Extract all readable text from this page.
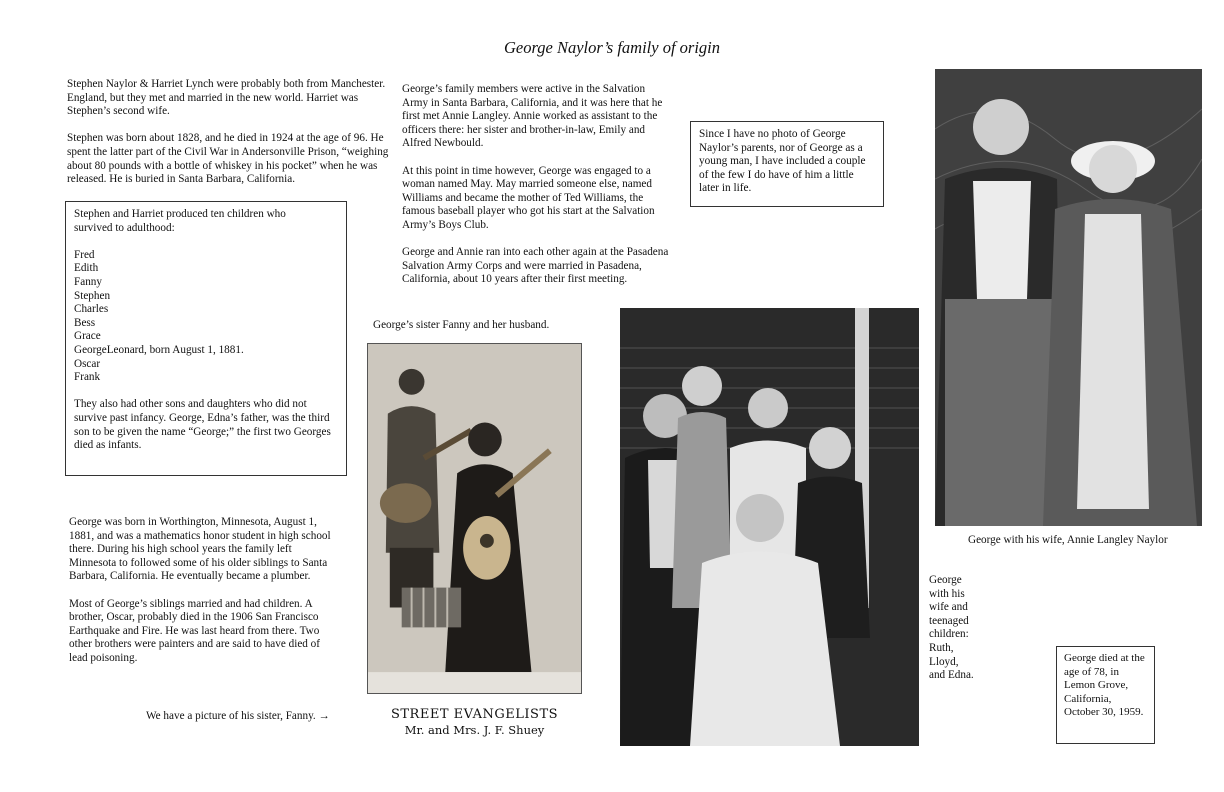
George Naylor’s family of origin

Stephen Naylor & Harriet Lynch were probably both from Manchester. England, but they met and married in the new world. Harriet was Stephen’s second wife.

Stephen was born about 1828, and he died in 1924 at the age of 96. He spent the latter part of the Civil War in Andersonville Prison, “weighing about 80 pounds with a bottle of whiskey in his pocket” when he was released. He is buried in Santa Barbara, California.

Stephen and Harriet produced ten children who survived to adulthood:

Fred
Edith
Fanny
Stephen
Charles
Bess
Grace
GeorgeLeonard, born August 1, 1881.
Oscar
Frank

They also had other sons and daughters who did not survive past infancy. George, Edna’s father, was the third son to be given the name “George;” the first two Georges died as infants.

George was born in Worthington, Minnesota, August 1, 1881, and was a mathematics honor student in high school there. During his high school years the family left Minnesota to followed some of his older siblings to Santa Barbara, California. He eventually became a plumber.

Most of George’s siblings married and had children. A brother, Oscar, probably died in the 1906 San Francisco Earthquake and Fire. He was last heard from there. Two other brothers were painters and are said to have died of lead poisoning.

We have a picture of his sister, Fanny. →

George’s family members were active in the Salvation Army in Santa Barbara, California, and it was here that he first met Annie Langley. Annie worked as assistant to the officers there: her sister and brother-in-law, Emily and Alfred Newbould.

At this point in time however, George was engaged to a woman named May. May married someone else, named Williams and became the mother of Ted Williams, the famous baseball player who got his start at the Salvation Army’s Boys Club.

George and Annie ran into each other again at the Pasadena Salvation Army Corps and were married in Pasadena, California, about 10 years after their first meeting.

George’s sister Fanny and her husband.
STREET EVANGELISTS
Mr. and Mrs. J. F. Shuey
Since I have no photo of George Naylor’s parents, nor of George as a young man, I have included a couple of the few I do have of him a little later in life.
George with his wife and teenaged children: Ruth, Lloyd, and Edna.
George with his wife, Annie Langley Naylor
George died at the age of 78, in Lemon Grove, California, October 30, 1959.
